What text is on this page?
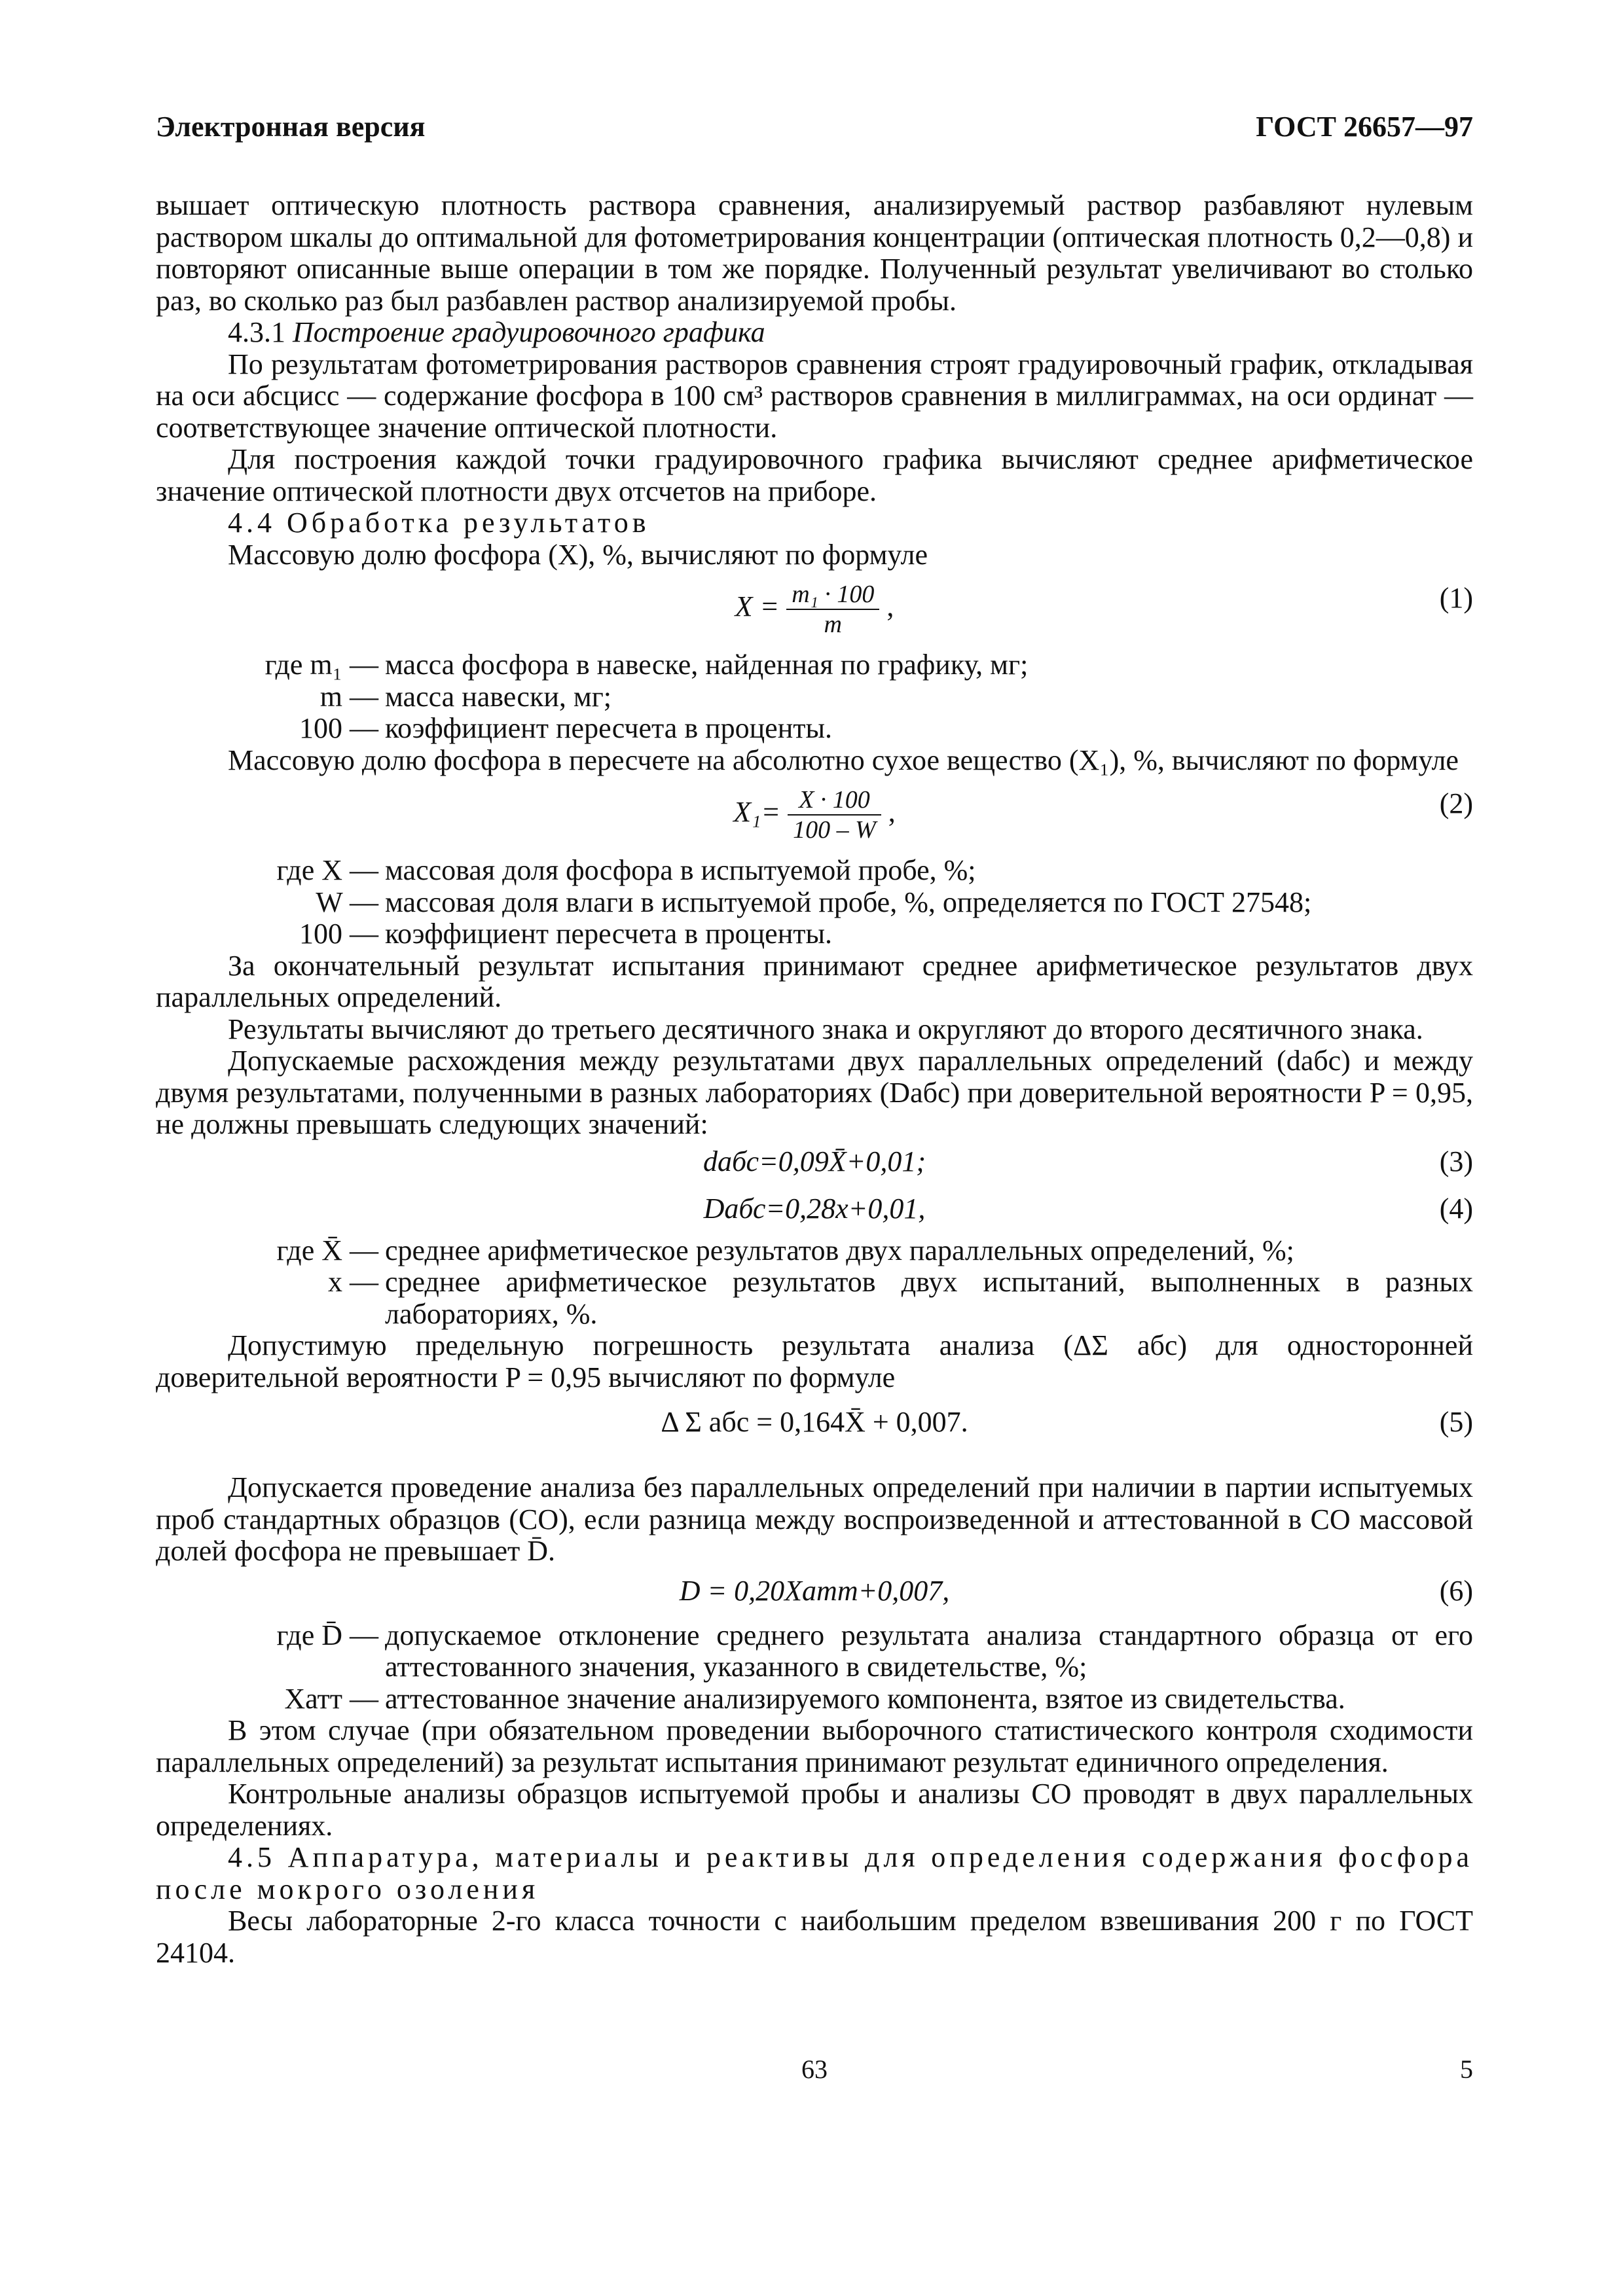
Электронная версия	ГОСТ 26657—97

вышает оптическую плотность раствора сравнения, анализируемый раствор разбавляют нулевым раствором шкалы до оптимальной для фотометрирования концентрации (оптическая плотность 0,2—0,8) и повторяют описанные выше операции в том же порядке. Полученный результат увеличивают во столько раз, во сколько раз был разбавлен раствор анализируемой пробы.

4.3.1 Построение градуировочного графика

По результатам фотометрирования растворов сравнения строят градуировочный график, откладывая на оси абсцисс — содержание фосфора в 100 см³ растворов сравнения в миллиграммах, на оси ординат — соответствующее значение оптической плотности.

Для построения каждой точки градуировочного графика вычисляют среднее арифметическое значение оптической плотности двух отсчетов на приборе.

4.4 Обработка результатов

Массовую долю фосфора (X), %, вычисляют по формуле

$X = \frac{\text{m₁ · 100}}{m}$ ,	(1)
где m₁ — масса фосфора в навеске, найденная по графику, мг;
m — масса навески, мг;
100 — коэффициент пересчета в проценты.

Массовую долю фосфора в пересчете на абсолютно сухое вещество (X₁), %, вычисляют по формуле

$X_1= \frac{X \cdot 100}{100 - W}$ ,	(2)
где X — массовая доля фосфора в испытуемой пробе, %;
W — массовая доля влаги в испытуемой пробе, %, определяется по ГОСТ 27548;
100 — коэффициент пересчета в проценты.

За окончательный результат испытания принимают среднее арифметическое результатов двух параллельных определений.

Результаты вычисляют до третьего десятичного знака и округляют до второго десятичного знака.

Допускаемые расхождения между результатами двух параллельных определений (dабс) и между двумя результатами, полученными в разных лабораториях (Dабс) при доверительной вероятности P = 0,95, не должны превышать следующих значений:

dабс=0,09X̄+0,01;	(3)
Dабс=0,28x+0,01,	(4)
где X̄ — среднее арифметическое результатов двух параллельных определений, %;
x — среднее арифметическое результатов двух испытаний, выполненных в разных лабораториях, %.

Допустимую предельную погрешность результата анализа (ΔΣ абс) для односторонней доверительной вероятности P = 0,95 вычисляют по формуле

Δ Σ абс = 0,164X̄ + 0,007.	(5)

Допускается проведение анализа без параллельных определений при наличии в партии испытуемых проб стандартных образцов (СО), если разница между воспроизведенной и аттестованной в СО массовой долей фосфора не превышает D̄.

D = 0,20Xатт+0,007,	(6)
где D̄ — допускаемое отклонение среднего результата анализа стандартного образца от его аттестованного значения, указанного в свидетельстве, %;
Xатт — аттестованное значение анализируемого компонента, взятое из свидетельства.

В этом случае (при обязательном проведении выборочного статистического контроля сходимости параллельных определений) за результат испытания принимают результат единичного определения.

Контрольные анализы образцов испытуемой пробы и анализы СО проводят в двух параллельных определениях.

4.5 Аппаратура, материалы и реактивы для определения содержания фосфора после мокрого озоления

Весы лабораторные 2-го класса точности с наибольшим пределом взвешивания 200 г по ГОСТ 24104.

63	5
